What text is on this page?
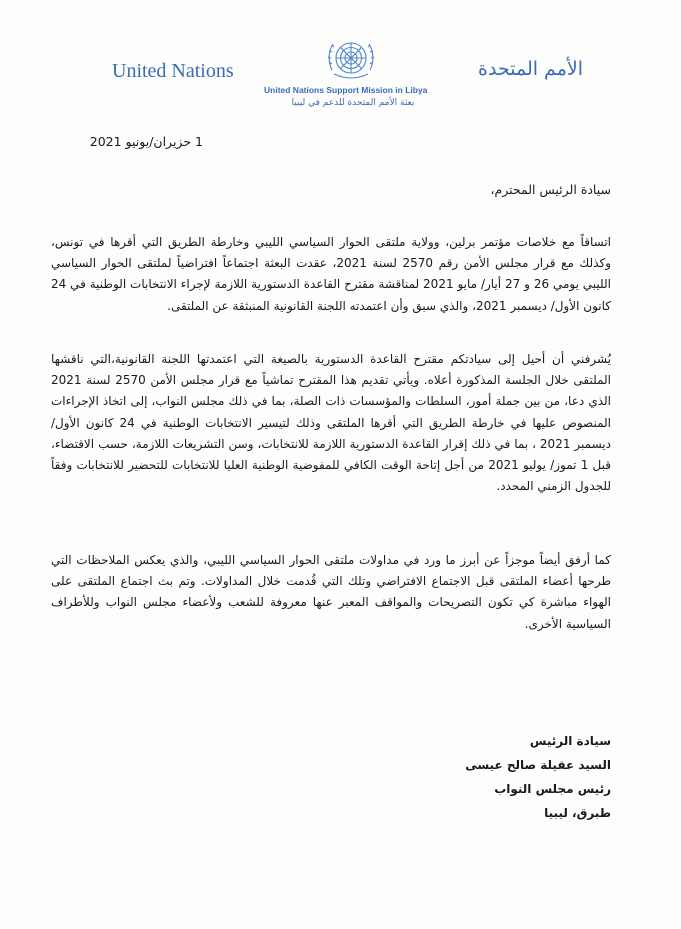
United Nations	الأمم المتحدة
United Nations Support Mission in Libya
بعثة الأمم المتحدة للدعم في ليبيا
1 حزيران/يونيو 2021
سيادة الرئيس المحترم،
اتساقاً مع خلاصات مؤتمر برلين، وولاية ملتقى الحوار السياسي الليبي وخارطة الطريق التي أقرها في تونس، وكذلك مع قرار مجلس الأمن رقم 2570 لسنة 2021، عقدت البعثة اجتماعاً افتراضياً لملتقى الحوار السياسي الليبي يومي 26 و 27 أيار/ مايو 2021 لمناقشة مقترح القاعدة الدستورية اللازمة لإجراء الانتخابات الوطنية في 24 كانون الأول/ ديسمبر 2021، والذي سبق وأن اعتمدته اللجنة القانونية المنبثقة عن الملتقى.
يُشرفني أن أحيل إلى سيادتكم مقترح القاعدة الدستورية بالصيغة التي اعتمدتها اللجنة القانونية،التي ناقشها الملتقى خلال الجلسة المذكورة أعلاه. ويأتي تقديم هذا المقترح تماشياً مع قرار مجلس الأمن 2570 لسنة 2021 الذي دعا، من بين جملة أمور، السلطات والمؤسسات ذات الصلة، بما في ذلك مجلس النواب، إلى اتخاذ الإجراءات المنصوص عليها في خارطة الطريق التي أقرها الملتقى وذلك لتيسير الانتخابات الوطنية في 24 كانون الأول/ ديسمبر 2021 ، بما في ذلك إقرار القاعدة الدستورية اللازمة للانتخابات، وسن التشريعات اللازمة، حسب الاقتضاء، قبل 1 تموز/ يوليو 2021 من أجل إتاحة الوقت الكافي للمفوضية الوطنية العليا للانتخابات للتحضير للانتخابات وفقاً للجدول الزمني المحدد.
كما أرفق أيضاً موجزاً عن أبرز ما ورد في مداولات ملتقى الحوار السياسي الليبي، والذي يعكس الملاحظات التي طرحها أعضاء الملتقى قبل الاجتماع الافتراضي وتلك التي قُدمت خلال المداولات. وتم بث اجتماع الملتقى على الهواء مباشرة كي تكون التصريحات والمواقف المعبر عنها معروفة للشعب ولأعضاء مجلس النواب وللأطراف السياسية الأخرى.
سيادة الرئيس
السيد عقيلة صالح عيسى
رئيس مجلس النواب
طبرق، ليبيا
